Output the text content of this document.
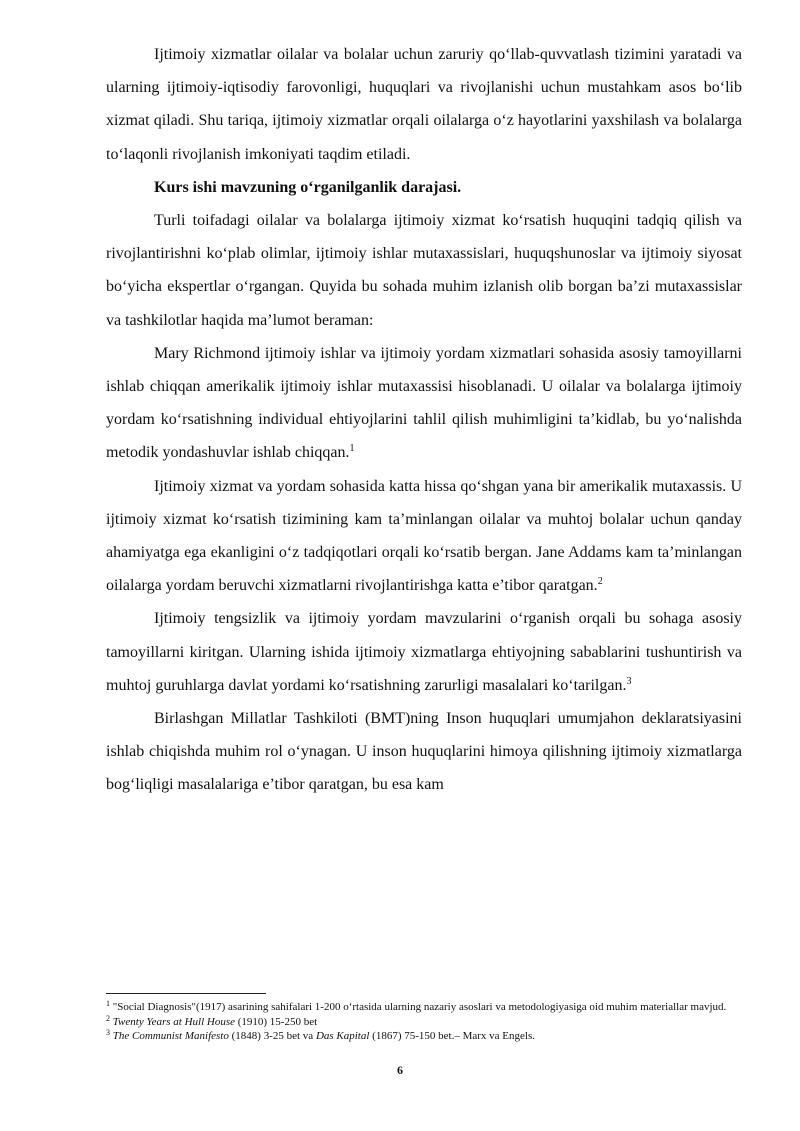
Ijtimoiy xizmatlar oilalar va bolalar uchun zaruriy qo‘llab-quvvatlash tizimini yaratadi va ularning ijtimoiy-iqtisodiy farovonligi, huquqlari va rivojlanishi uchun mustahkam asos bo‘lib xizmat qiladi. Shu tariqa, ijtimoiy xizmatlar orqali oilalarga o‘z hayotlarini yaxshilash va bolalarga to‘laqonli rivojlanish imkoniyati taqdim etiladi.

Kurs ishi mavzuning o‘rganilganlik darajasi.

Turli toifadagi oilalar va bolalarga ijtimoiy xizmat ko‘rsatish huquqini tadqiq qilish va rivojlantirishni ko‘plab olimlar, ijtimoiy ishlar mutaxassislari, huquqshunoslar va ijtimoiy siyosat bo‘yicha ekspertlar o‘rgangan. Quyida bu sohada muhim izlanish olib borgan ba’zi mutaxassislar va tashkilotlar haqida ma’lumot beraman:

Mary Richmond ijtimoiy ishlar va ijtimoiy yordam xizmatlari sohasida asosiy tamoyillarni ishlab chiqqan amerikalik ijtimoiy ishlar mutaxassisi hisoblanadi. U oilalar va bolalarga ijtimoiy yordam ko‘rsatishning individual ehtiyojlarini tahlil qilish muhimligini ta’kidlab, bu yo‘nalishda metodik yondashuvlar ishlab chiqqan.$^1$

Ijtimoiy xizmat va yordam sohasida katta hissa qo‘shgan yana bir amerikalik mutaxassis. U ijtimoiy xizmat ko‘rsatish tizimining kam ta’minlangan oilalar va muhtoj bolalar uchun qanday ahamiyatga ega ekanligini o‘z tadqiqotlari orqali ko‘rsatib bergan. Jane Addams kam ta’minlangan oilalarga yordam beruvchi xizmatlarni rivojlantirishga katta e’tibor qaratgan.$^2$

Ijtimoiy tengsizlik va ijtimoiy yordam mavzularini o‘rganish orqali bu sohaga asosiy tamoyillarni kiritgan. Ularning ishida ijtimoiy xizmatlarga ehtiyojning sabablarini tushuntirish va muhtoj guruhlarga davlat yordami ko‘rsatishning zarurligi masalalari ko‘tarilgan.$^3$

Birlashgan Millatlar Tashkiloti (BMT)ning Inson huquqlari umumjahon deklaratsiyasini ishlab chiqishda muhim rol o‘ynagan. U inson huquqlarini himoya qilishning ijtimoiy xizmatlarga bog‘liqligi masalalariga e’tibor qaratgan, bu esa kam

$^1$ "Social Diagnosis"(1917) asarining sahifalari 1-200 o‘rtasida ularning nazariy asoslari va metodologiyasiga oid muhim materiallar mavjud.

$^2$ Twenty Years at Hull House (1910) 15-250 bet

$^3$ The Communist Manifesto (1848) 3-25 bet va Das Kapital (1867) 75-150 bet.– Marx va Engels.

6
